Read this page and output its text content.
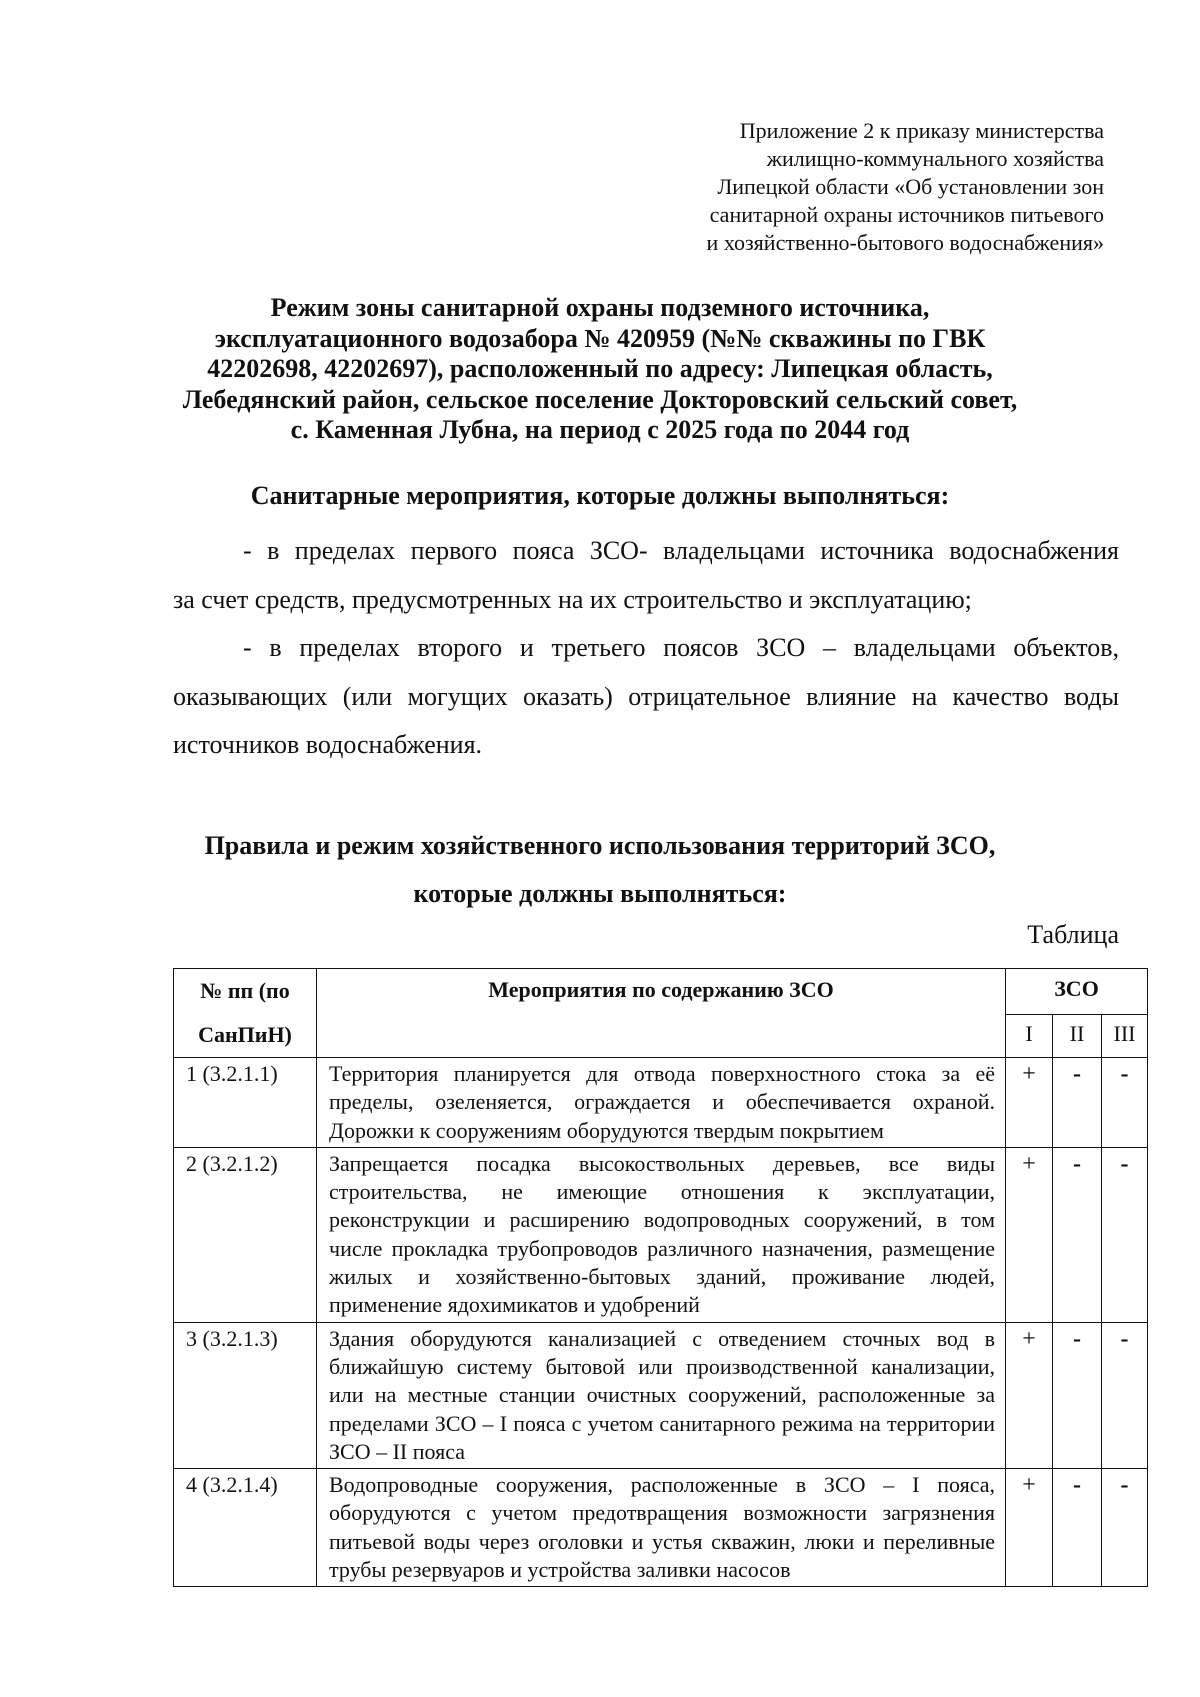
Приложение 2 к приказу министерства
жилищно-коммунального хозяйства
Липецкой области «Об установлении зон
санитарной охраны источников питьевого
и хозяйственно-бытового водоснабжения»
Режим зоны санитарной охраны подземного источника,
эксплуатационного водозабора № 420959 (№№ скважины по ГВК
42202698, 42202697), расположенный по адресу: Липецкая область,
Лебедянский район, сельское поселение Докторовский сельский совет,
с. Каменная Лубна, на период с 2025 года по 2044 год
Санитарные мероприятия, которые должны выполняться:
- в пределах первого пояса ЗСО- владельцами источника водоснабжения
за счет средств, предусмотренных на их строительство и эксплуатацию;
- в пределах второго и третьего поясов ЗСО – владельцами объектов,
оказывающих (или могущих оказать) отрицательное влияние на качество воды
источников водоснабжения.
Правила и режим хозяйственного использования территорий ЗСО,
которые должны выполняться:
Таблица
№ пп (по СанПиН)	Мероприятия по содержанию ЗСО	ЗСО		
		I	II	III
1 (3.2.1.1)	Территория планируется для отвода поверхностного стока за её пределы, озеленяется, ограждается и обеспечивается охраной. Дорожки к сооружениям оборудуются твердым покрытием	+	-	-
2 (3.2.1.2)	Запрещается посадка высокоствольных деревьев, все виды строительства, не имеющие отношения к эксплуатации, реконструкции и расширению водопроводных сооружений, в том числе прокладка трубопроводов различного назначения, размещение жилых и хозяйственно-бытовых зданий, проживание людей, применение ядохимикатов и удобрений	+	-	-
3 (3.2.1.3)	Здания оборудуются канализацией с отведением сточных вод в ближайшую систему бытовой или производственной канализации, или на местные станции очистных сооружений, расположенные за пределами ЗСО – I пояса с учетом санитарного режима на территории ЗСО – II пояса	+	-	-
4 (3.2.1.4)	Водопроводные сооружения, расположенные в ЗСО – I пояса, оборудуются с учетом предотвращения возможности загрязнения питьевой воды через оголовки и устья скважин, люки и переливные трубы резервуаров и устройства заливки насосов	+	-	-
